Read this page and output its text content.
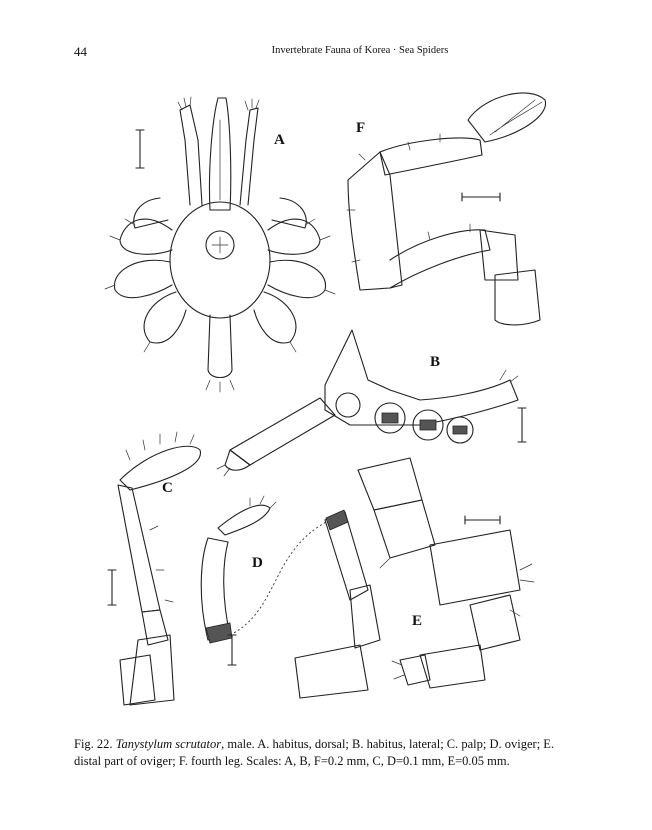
44	Invertebrate Fauna of Korea · Sea Spiders
A
F
B
C
D
E
Fig. 22. Tanystylum scrutator, male. A. habitus, dorsal; B. habitus, lateral; C. palp; D. oviger; E. distal part of oviger; F. fourth leg. Scales: A, B, F=0.2 mm, C, D=0.1 mm, E=0.05 mm.
